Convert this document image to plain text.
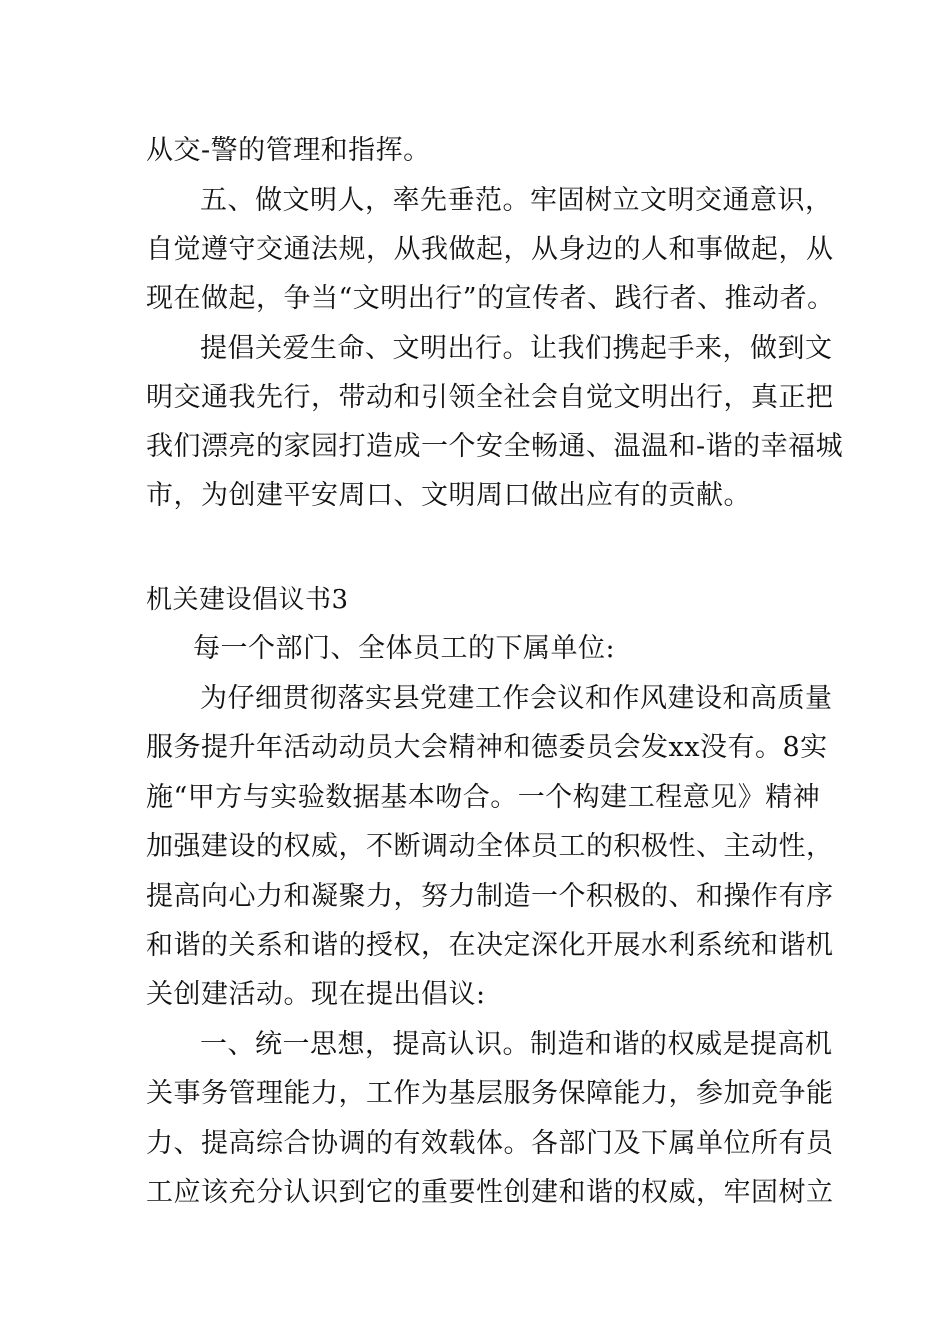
从交-警的管理和指挥。
五、做文明人，率先垂范。牢固树立文明交通意识，
自觉遵守交通法规，从我做起，从身边的人和事做起，从
现在做起，争当“文明出行”的宣传者、践行者、推动者。
提倡关爱生命、文明出行。让我们携起手来，做到文
明交通我先行，带动和引领全社会自觉文明出行，真正把
我们漂亮的家园打造成一个安全畅通、温温和-谐的幸福城
市，为创建平安周口、文明周口做出应有的贡献。
机关建设倡议书3
每一个部门、全体员工的下属单位:
为仔细贯彻落实县党建工作会议和作风建设和高质量
服务提升年活动动员大会精神和德委员会发xx没有。8实
施“甲方与实验数据基本吻合。一个构建工程意见》精神
加强建设的权威，不断调动全体员工的积极性、主动性，
提高向心力和凝聚力，努力制造一个积极的、和操作有序
和谐的关系和谐的授权，在决定深化开展水利系统和谐机
关创建活动。现在提出倡议:
一、统一思想，提高认识。制造和谐的权威是提高机
关事务管理能力，工作为基层服务保障能力，参加竞争能
力、提高综合协调的有效载体。各部门及下属单位所有员
工应该充分认识到它的重要性创建和谐的权威，牢固树立
